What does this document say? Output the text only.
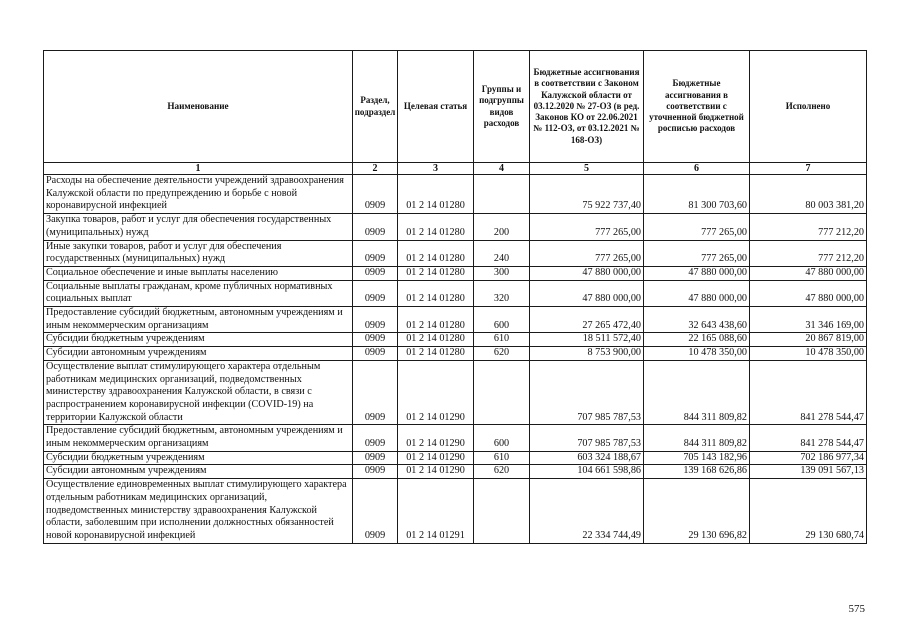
Наименование	Раздел, подраздел	Целевая статья	Группы и подгруппы видов расходов	Бюджетные ассигнования в соответствии с Законом Калужской области от 03.12.2020 № 27-ОЗ (в ред. Законов КО от 22.06.2021 № 112-ОЗ, от 03.12.2021 № 168-ОЗ)	Бюджетные ассигнования в соответствии с уточненной бюджетной росписью расходов	Исполнено
1	2	3	4	5	6	7
Расходы на обеспечение деятельности учреждений здравоохранения Калужской области по предупреждению и борьбе с новой коронавирусной инфекцией	0909	01 2 14 01280		75 922 737,40	81 300 703,60	80 003 381,20
Закупка товаров, работ и услуг для обеспечения государственных (муниципальных) нужд	0909	01 2 14 01280	200	777 265,00	777 265,00	777 212,20
Иные закупки товаров, работ и услуг для обеспечения государственных (муниципальных) нужд	0909	01 2 14 01280	240	777 265,00	777 265,00	777 212,20
Социальное обеспечение и иные выплаты населению	0909	01 2 14 01280	300	47 880 000,00	47 880 000,00	47 880 000,00
Социальные выплаты гражданам, кроме публичных нормативных социальных выплат	0909	01 2 14 01280	320	47 880 000,00	47 880 000,00	47 880 000,00
Предоставление субсидий бюджетным, автономным учреждениям и иным некоммерческим организациям	0909	01 2 14 01280	600	27 265 472,40	32 643 438,60	31 346 169,00
Субсидии бюджетным учреждениям	0909	01 2 14 01280	610	18 511 572,40	22 165 088,60	20 867 819,00
Субсидии автономным учреждениям	0909	01 2 14 01280	620	8 753 900,00	10 478 350,00	10 478 350,00
Осуществление выплат стимулирующего характера отдельным работникам медицинских организаций, подведомственных министерству здравоохранения Калужской области, в связи с распространением коронавирусной инфекции (COVID-19) на территории Калужской области	0909	01 2 14 01290		707 985 787,53	844 311 809,82	841 278 544,47
Предоставление субсидий бюджетным, автономным учреждениям и иным некоммерческим организациям	0909	01 2 14 01290	600	707 985 787,53	844 311 809,82	841 278 544,47
Субсидии бюджетным учреждениям	0909	01 2 14 01290	610	603 324 188,67	705 143 182,96	702 186 977,34
Субсидии автономным учреждениям	0909	01 2 14 01290	620	104 661 598,86	139 168 626,86	139 091 567,13
Осуществление единовременных выплат стимулирующего характера отдельным работникам медицинских организаций, подведомственных министерству здравоохранения Калужской области, заболевшим при исполнении должностных обязанностей новой коронавирусной инфекцией	0909	01 2 14 01291		22 334 744,49	29 130 696,82	29 130 680,74
575
